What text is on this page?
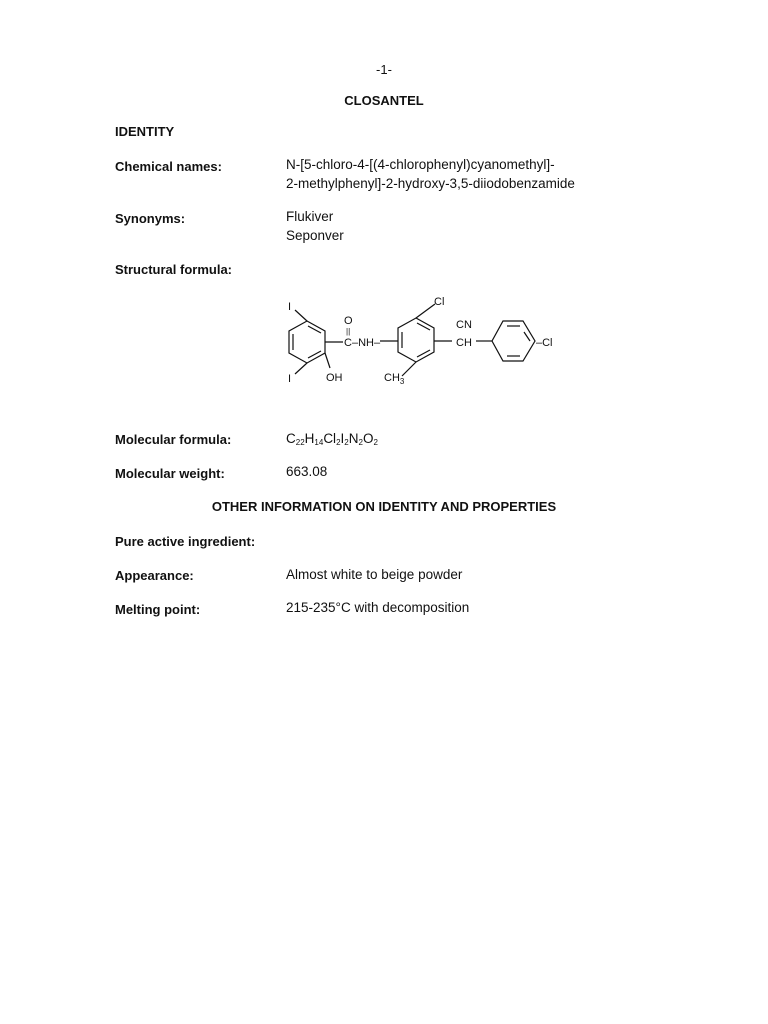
-1-
CLOSANTEL
IDENTITY
Chemical names:	N-[5-chloro-4-[(4-chlorophenyl)cyanomethyl]-
2-methylphenyl]-2-hydroxy-3,5-diiodobenzamide
Synonyms:	Flukiver
Seponver
Structural formula:
I
I
O
||
C –NH–
OH	$CH_3$
Cl
CN
CH	–Cl
Molecular formula:	$C_{22}H_{14}Cl_2I_2N_2O_2$
Molecular weight:	663.08
OTHER INFORMATION ON IDENTITY AND PROPERTIES
Pure active ingredient:
Appearance:	Almost white to beige powder
Melting point:	215-235°C with decomposition
